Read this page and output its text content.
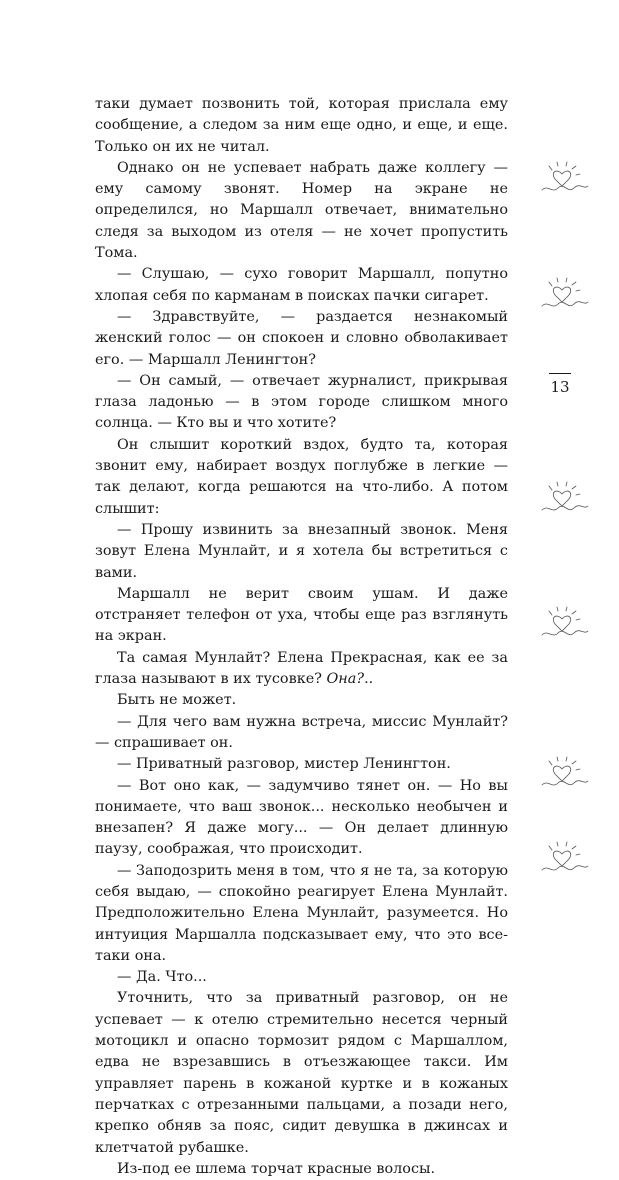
таки думает позвонить той, которая прислала ему сообщение, а следом за ним еще одно, и еще, и еще. Только он их не читал.

Однако он не успевает набрать даже коллегу — ему самому звонят. Номер на экране не определился, но Маршалл отвечает, внимательно следя за выходом из отеля — не хочет пропустить Тома.

— Слушаю, — сухо говорит Маршалл, попутно хлопая себя по карманам в поисках пачки сигарет.

— Здравствуйте, — раздается незнакомый женский голос — он спокоен и словно обволакивает его. — Маршалл Ленингтон?

— Он самый, — отвечает журналист, прикрывая глаза ладонью — в этом городе слишком много солнца. — Кто вы и что хотите?

Он слышит короткий вздох, будто та, которая звонит ему, набирает воздух поглубже в легкие — так делают, когда решаются на что-либо. А потом слышит:

— Прошу извинить за внезапный звонок. Меня зовут Елена Мунлайт, и я хотела бы встретиться с вами.

Маршалл не верит своим ушам. И даже отстраняет телефон от уха, чтобы еще раз взглянуть на экран.

Та самая Мунлайт? Елена Прекрасная, как ее за глаза называют в их тусовке? Она?..

Быть не может.

— Для чего вам нужна встреча, миссис Мунлайт? — спрашивает он.

— Приватный разговор, мистер Ленингтон.

— Вот оно как, — задумчиво тянет он. — Но вы понимаете, что ваш звонок... несколько необычен и внезапен? Я даже могу... — Он делает длинную паузу, соображая, что происходит.

— Заподозрить меня в том, что я не та, за которую себя выдаю, — спокойно реагирует Елена Мунлайт. Предположительно Елена Мунлайт, разумеется. Но интуиция Маршалла подсказывает ему, что это все-таки она.

— Да. Что...

Уточнить, что за приватный разговор, он не успевает — к отелю стремительно несется черный мотоцикл и опасно тормозит рядом с Маршаллом, едва не взрезавшись в отъезжающее такси. Им управляет парень в кожаной куртке и в кожаных перчатках с отрезанными пальцами, а позади него, крепко обняв за пояс, сидит девушка в джинсах и клетчатой рубашке.

Из-под ее шлема торчат красные волосы.

13
